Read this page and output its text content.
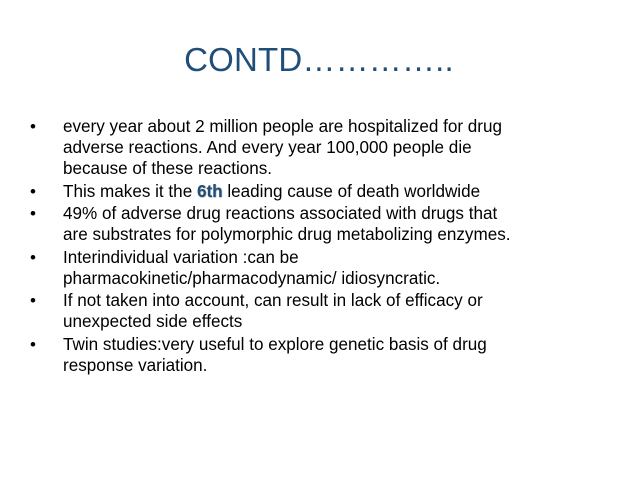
CONTD…………..
•	every year about 2 million people are hospitalized for drug
adverse reactions. And every year 100,000 people die
because of these reactions.
•	This makes it the 6th leading cause of death worldwide
•	49% of adverse drug reactions associated with drugs that
are substrates for polymorphic drug metabolizing enzymes.
•	Interindividual variation :can be
pharmacokinetic/pharmacodynamic/ idiosyncratic.
•	If not taken into account, can result in lack of efficacy or
unexpected side effects
•	Twin studies:very useful to explore genetic basis of drug
response variation.
